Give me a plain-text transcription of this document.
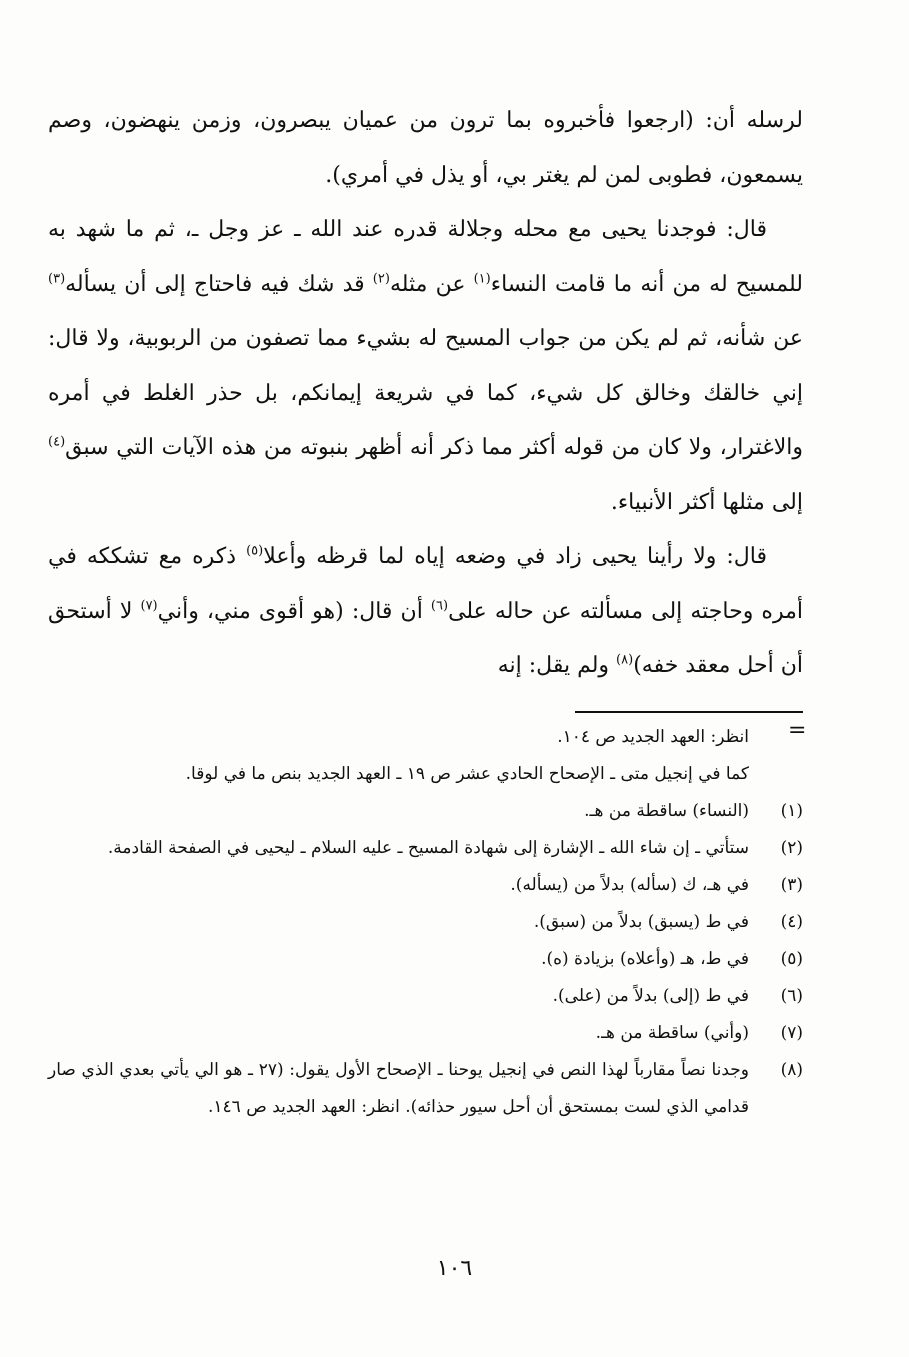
لرسله أن: (ارجعوا فأخبروه بما ترون من عميان يبصرون، وزمن ينهضون، وصم يسمعون، فطوبى لمن لم يغتر بي، أو يذل في أمري).

قال: فوجدنا يحيى مع محله وجلالة قدره عند الله ـ عز وجل ـ، ثم ما شهد به للمسيح له من أنه ما قامت النساء$^{(١)}$ عن مثله$^{(٢)}$ قد شك فيه فاحتاج إلى أن يسأله$^{(٣)}$ عن شأنه، ثم لم يكن من جواب المسيح له بشيء مما تصفون من الربوبية، ولا قال: إني خالقك وخالق كل شيء، كما في شريعة إيمانكم، بل حذر الغلط في أمره والاغترار، ولا كان من قوله أكثر مما ذكر أنه أظهر بنبوته من هذه الآيات التي سبق$^{(٤)}$ إلى مثلها أكثر الأنبياء.

قال: ولا رأينا يحيى زاد في وضعه إياه لما قرظه وأعلا$^{(٥)}$ ذكره مع تشككه في أمره وحاجته إلى مسألته عن حاله على$^{(٦)}$ أن قال: (هو أقوى مني، وأني$^{(٧)}$ لا أستحق أن أحل معقد خفه)$^{(٨)}$ ولم يقل: إنه

=
انظر: العهد الجديد ص ١٠٤.
كما في إنجيل متى ـ الإصحاح الحادي عشر ص ١٩ ـ العهد الجديد بنص ما في لوقا.
(١)
(النساء) ساقطة من هـ.
(٢)
ستأتي ـ إن شاء الله ـ الإشارة إلى شهادة المسيح ـ عليه السلام ـ ليحيى في الصفحة القادمة.
(٣)
في هـ، ك (سأله) بدلاً من (يسأله).
(٤)
في ط (يسبق) بدلاً من (سبق).
(٥)
في ط، هـ (وأعلاه) بزيادة (ه).
(٦)
في ط (إلى) بدلاً من (على).
(٧)
(وأني) ساقطة من هـ.
(٨)
وجدنا نصاً مقارباً لهذا النص في إنجيل يوحنا ـ الإصحاح الأول يقول: (٢٧ ـ هو الي يأتي بعدي الذي صار قدامي الذي لست بمستحق أن أحل سيور حذائه). انظر: العهد الجديد ص ١٤٦.
١٠٦
